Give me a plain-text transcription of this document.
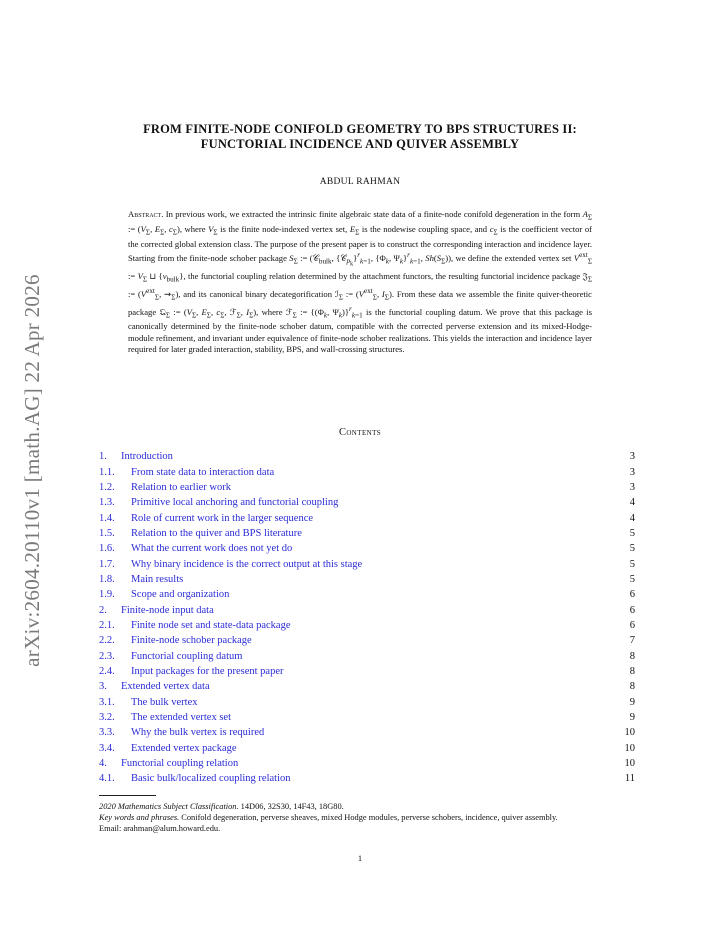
arXiv:2604.20110v1 [math.AG] 22 Apr 2026
FROM FINITE-NODE CONIFOLD GEOMETRY TO BPS STRUCTURES II:
FUNCTORIAL INCIDENCE AND QUIVER ASSEMBLY
ABDUL RAHMAN
Abstract. In previous work, we extracted the intrinsic finite algebraic state data of a finite-node conifold degeneration in the form $A_\Sigma$ := ($V_\Sigma$, $E_\Sigma$, $c_\Sigma$), where $V_\Sigma$ is the finite node-indexed vertex set, $E_\Sigma$ is the nodewise coupling space, and $c_\Sigma$ is the coefficient vector of the corrected global extension class. The purpose of the present paper is to construct the corresponding interaction and incidence layer. Starting from the finite-node schober package $S_\Sigma$ := (𝒞$_{bulk}$, {𝒞$_{p_k}$}$^r_{k=1}$, {$\Phi_k$, $\Psi_k\}^r_{k=1}$, $Sh(S_\Sigma)$), we define the extended vertex set $V^{ext}_\Sigma$ := $V_\Sigma$ ⊔ $\{v_{bulk}\}$, the functorial coupling relation determined by the attachment functors, the resulting functorial incidence package 𝔍$_\Sigma$ := ($V^{ext}_\Sigma$, $⇝_\Sigma$), and its canonical binary decategorification ℐ$_\Sigma$ := ($V^{ext}_\Sigma$, $I_\Sigma$). From these data we assemble the finite quiver-theoretic package 𝔔$_\Sigma$ := ($V_\Sigma$, $E_\Sigma$, $c_\Sigma$, ℱ$_\Sigma$, $I_\Sigma$), where ℱ$_\Sigma$ := {($\Phi_k$, $\Psi_k)\}^r_{k=1}$ is the functorial coupling datum. We prove that this package is canonically determined by the finite-node schober datum, compatible with the corrected perverse extension and its mixed-Hodge-module refinement, and invariant under equivalence of finite-node schober realizations. This yields the interaction and incidence layer required for later graded interaction, stability, BPS, and wall-crossing structures.
Contents
1.	Introduction	3
1.1.	From state data to interaction data	3
1.2.	Relation to earlier work	3
1.3.	Primitive local anchoring and functorial coupling	4
1.4.	Role of current work in the larger sequence	4
1.5.	Relation to the quiver and BPS literature	5
1.6.	What the current work does not yet do	5
1.7.	Why binary incidence is the correct output at this stage	5
1.8.	Main results	5
1.9.	Scope and organization	6
2.	Finite-node input data	6
2.1.	Finite node set and state-data package	6
2.2.	Finite-node schober package	7
2.3.	Functorial coupling datum	8
2.4.	Input packages for the present paper	8
3.	Extended vertex data	8
3.1.	The bulk vertex	9
3.2.	The extended vertex set	9
3.3.	Why the bulk vertex is required	10
3.4.	Extended vertex package	10
4.	Functorial coupling relation	10
4.1.	Basic bulk/localized coupling relation	11

2020 Mathematics Subject Classification. 14D06, 32S30, 14F43, 18G80.

Key words and phrases. Conifold degeneration, perverse sheaves, mixed Hodge modules, perverse schobers, incidence, quiver assembly.

Email: arahman@alum.howard.edu.

1
